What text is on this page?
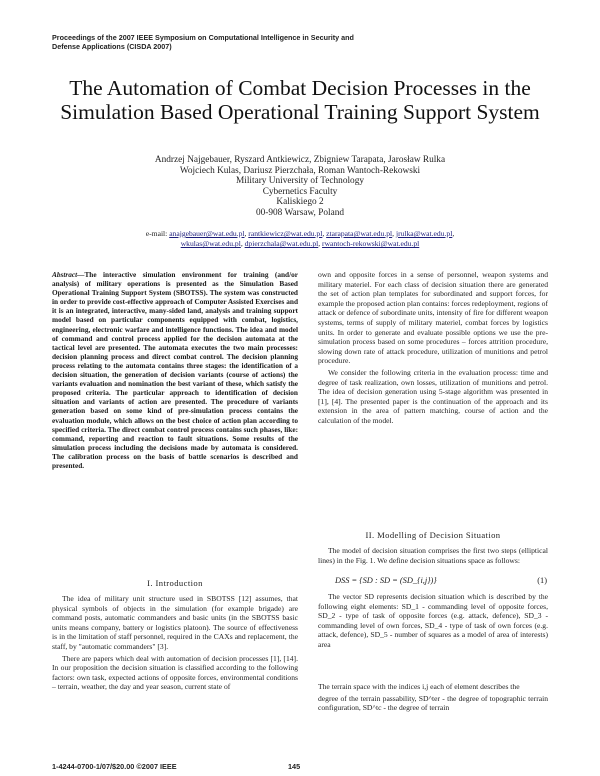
Proceedings of the 2007 IEEE Symposium on Computational Intelligence in Security and Defense Applications (CISDA 2007)
The Automation of Combat Decision Processes in the Simulation Based Operational Training Support System
Andrzej Najgebauer, Ryszard Antkiewicz, Zbigniew Tarapata, Jarosław Rulka
Wojciech Kulas, Dariusz Pierzchała, Roman Wantoch-Rekowski
Military University of Technology
Cybernetics Faculty
Kaliskiego 2
00-908 Warsaw, Poland
e-mail: anajgebauer@wat.edu.pl, rantkiewicz@wat.edu.pl, ztarapata@wat.edu.pl, jrulka@wat.edu.pl,
wkulas@wat.edu.pl, dpierzchala@wat.edu.pl, rwantoch-rekowski@wat.edu.pl
Abstract—The interactive simulation environment for training (and/or analysis) of military operations is presented as the Simulation Based Operational Training Support System (SBOTSS). The system was constructed in order to provide cost-effective approach of Computer Assisted Exercises and it is an integrated, interactive, many-sided land, analysis and training support model based on particular components equipped with combat, logistics, engineering, electronic warfare and intelligence functions. The idea and model of command and control process applied for the decision automata at the tactical level are presented. The automata executes the two main processes: decision planning process and direct combat control. The decision planning process relating to the automata contains three stages: the identification of a decision situation, the generation of decision variants (course of actions) the variants evaluation and nomination the best variant of these, which satisfy the proposed criteria. The particular approach to identification of decision situation and variants of action are presented. The procedure of variants generation based on some kind of pre-simulation process contains the evaluation module, which allows on the best choice of action plan according to specified criteria. The direct combat control process contains such phases, like: command, reporting and reaction to fault situations. Some results of the simulation process including the decisions made by automata is considered. The calibration process on the basis of battle scenarios is described and presented.
I. Introduction

The idea of military unit structure used in SBOTSS [12] assumes, that physical symbols of objects in the simulation (for example brigade) are command posts, automatic commanders and basic units (in the SBOTSS basic units means company, battery or logistics platoon). The source of effectiveness is in the limitation of staff personnel, required in the CAXs and replacement, the staff, by "automatic commanders" [3].

There are papers which deal with automation of decision processes [1], [14]. In our proposition the decision situation is classified according to the following factors: own task, expected actions of opposite forces, environmental conditions – terrain, weather, the day and year season, current state of

own and opposite forces in a sense of personnel, weapon systems and military materiel. For each class of decision situation there are generated the set of action plan templates for subordinated and support forces, for example the proposed action plan contains: forces redeployment, regions of attack or defence of subordinate units, intensity of fire for different weapon systems, terms of supply of military materiel, combat forces by logistics units. In order to generate and evaluate possible options we use the pre-simulation process based on some procedures – forces attrition procedure, slowing down rate of attack procedure, utilization of munitions and petrol procedure.

We consider the following criteria in the evaluation process: time and degree of task realization, own losses, utilization of munitions and petrol. The idea of decision generation using 5-stage algorithm was presented in [1], [4]. The presented paper is the continuation of the approach and its extension in the area of pattern matching, course of action and the calculation of the model.

II. Modelling of Decision Situation

The model of decision situation comprises the first two steps (elliptical lines) in the Fig. 1. We define decision situations space as follows:

DSS = {SD : SD = (SD_{i,j})}	(1)

The vector SD represents decision situation which is described by the following eight elements: SD_1 - commanding level of opposite forces, SD_2 - type of task of opposite forces (e.g. attack, defence), SD_3 - commanding level of own forces, SD_4 - type of task of own forces (e.g. attack, defence), SD_5 - number of squares as a model of area of interests) area

The terrain space with the indices i,j each of element describes the

degree of the terrain passability, SD^ter - the degree of topographic terrain configuration, SD^tc - the degree of terrain

1-4244-0700-1/07/$20.00 ©2007 IEEE	145
